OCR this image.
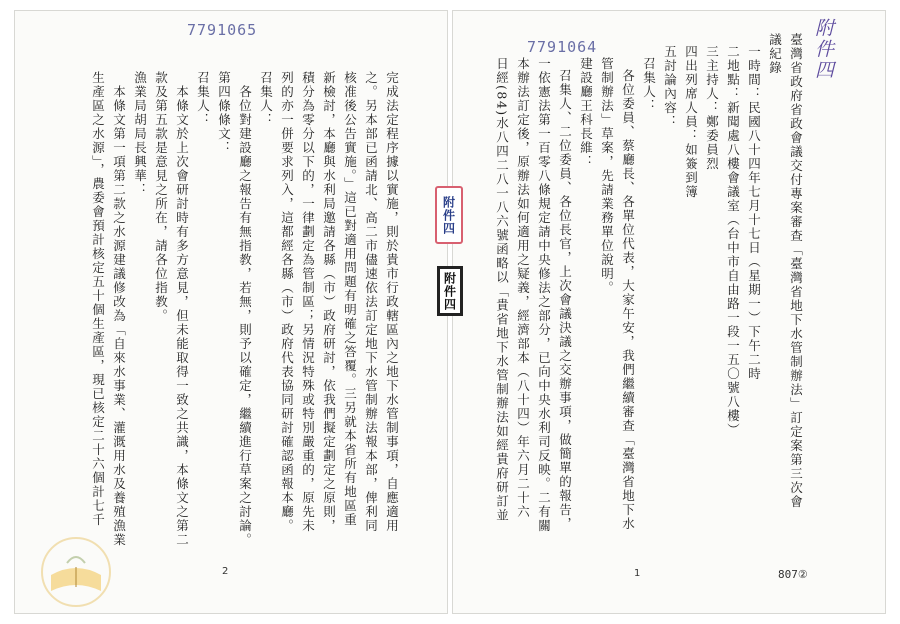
7791065
完成法定程序據以實施，則於貴市行政轄區內之地下水管制事項，自應適用
之。另本部已函請北、高二市儘速依法訂定地下水管制辦法報本部，俾利同
核准後公告實施。」這已對適用問題有明確之答覆。三另就本省所有地區重
新檢討，本廳與水利局邀請各縣（市）政府研討，依我們擬定劃定之原則，
積分為零分以下的，一律劃定為管制區；另情況特殊或特別嚴重的，原先未
列的亦一併要求列入，這都經各縣（市）政府代表協同研討確認函報本廳。
召集人：
各位對建設廳之報告有無指教，若無，則予以確定，繼續進行草案之討論。
第四條條文：
召集人：
本條文於上次會研討時有多方意見，但未能取得一致之共識，本條文之第二
款及第五款是意見之所在，請各位指教。
漁業局胡局長興華：
本條文第一項第二款之水源建議修改為「自來水事業、灌溉用水及養殖漁業
生產區之水源」，農委會預計核定五十個生產區，現已核定二十六個計七千
2
7791064	臺灣省政府省政會議交付專案審查「臺灣省地下水管制辦法」訂定案第三次會
議紀錄
一時間：民國八十四年七月十七日（星期一）下午二時
二地點：新聞處八樓會議室（台中市自由路一段一五〇號八樓）
三主持人：鄭委員烈
四出列席人員：如簽到簿
五討論內容：
召集人：
各位委員、蔡廳長、各單位代表，大家午安，我們繼續審查「臺灣省地下水
管制辦法」草案，先請業務單位說明。
建設廳王科長維：
召集人、二位委員、各位長官，上次會議決議之交辦事項，做簡單的報告，
一依憲法第一百零八條規定請中央修法之部分，已向中央水利司反映。二有關
本辦法訂定後，原辦法如何適用之疑義，經濟部本（八十四）年六月二十六
日經(84)水八四二八一八六號函略以「貴省地下水管制辦法如經貴府研訂並
1	807②
附件四
附件四
附件四
